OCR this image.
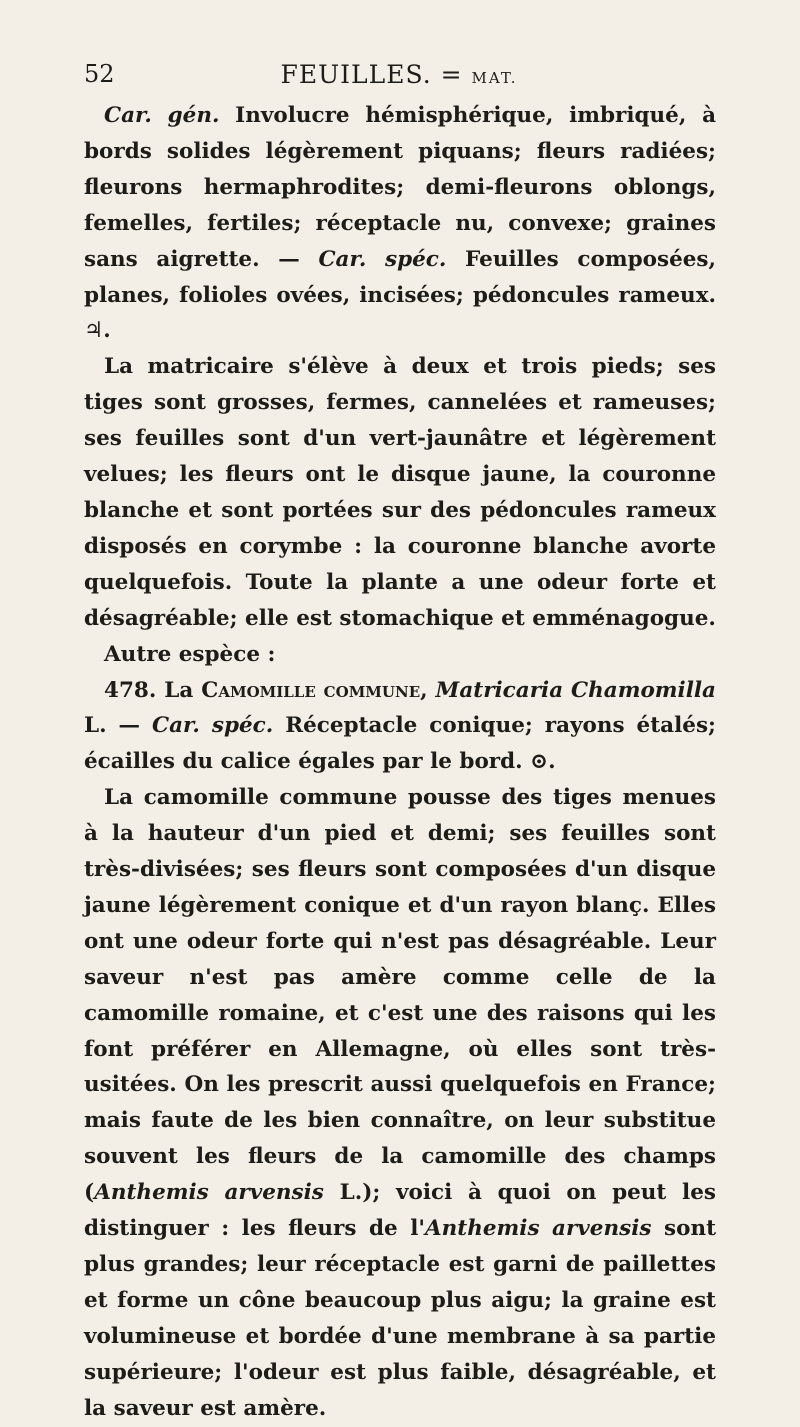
52	FEUILLES. = MAT.

Car. gén. Involucre hémisphérique, imbriqué, à bords solides légèrement piquans; fleurs radiées; fleurons hermaphrodites; demi-fleurons oblongs, femelles, fertiles; réceptacle nu, convexe; graines sans aigrette. — Car. spéc. Feuilles composées, planes, folioles ovées, incisées; pédoncules rameux. ♃.

La matricaire s'élève à deux et trois pieds; ses tiges sont grosses, fermes, cannelées et rameuses; ses feuilles sont d'un vert-jaunâtre et légèrement velues; les fleurs ont le disque jaune, la couronne blanche et sont portées sur des pédoncules rameux disposés en corymbe : la couronne blanche avorte quelquefois. Toute la plante a une odeur forte et désagréable; elle est stomachique et emménagogue.

Autre espèce :

478. La Camomille commune, Matricaria Chamomilla L. — Car. spéc. Réceptacle conique; rayons étalés; écailles du calice égales par le bord. ⊙.

La camomille commune pousse des tiges menues à la hauteur d'un pied et demi; ses feuilles sont très-divisées; ses fleurs sont composées d'un disque jaune légèrement conique et d'un rayon blanç. Elles ont une odeur forte qui n'est pas désagréable. Leur saveur n'est pas amère comme celle de la camomille romaine, et c'est une des raisons qui les font préférer en Allemagne, où elles sont très-usitées. On les prescrit aussi quelquefois en France; mais faute de les bien connaître, on leur substitue souvent les fleurs de la camomille des champs (Anthemis arvensis L.); voici à quoi on peut les distinguer : les fleurs de l'Anthemis arvensis sont plus grandes; leur réceptacle est garni de paillettes et forme un cône beaucoup plus aigu; la graine est volumineuse et bordée d'une membrane à sa partie supérieure; l'odeur est plus faible, désagréable, et la saveur est amère.
